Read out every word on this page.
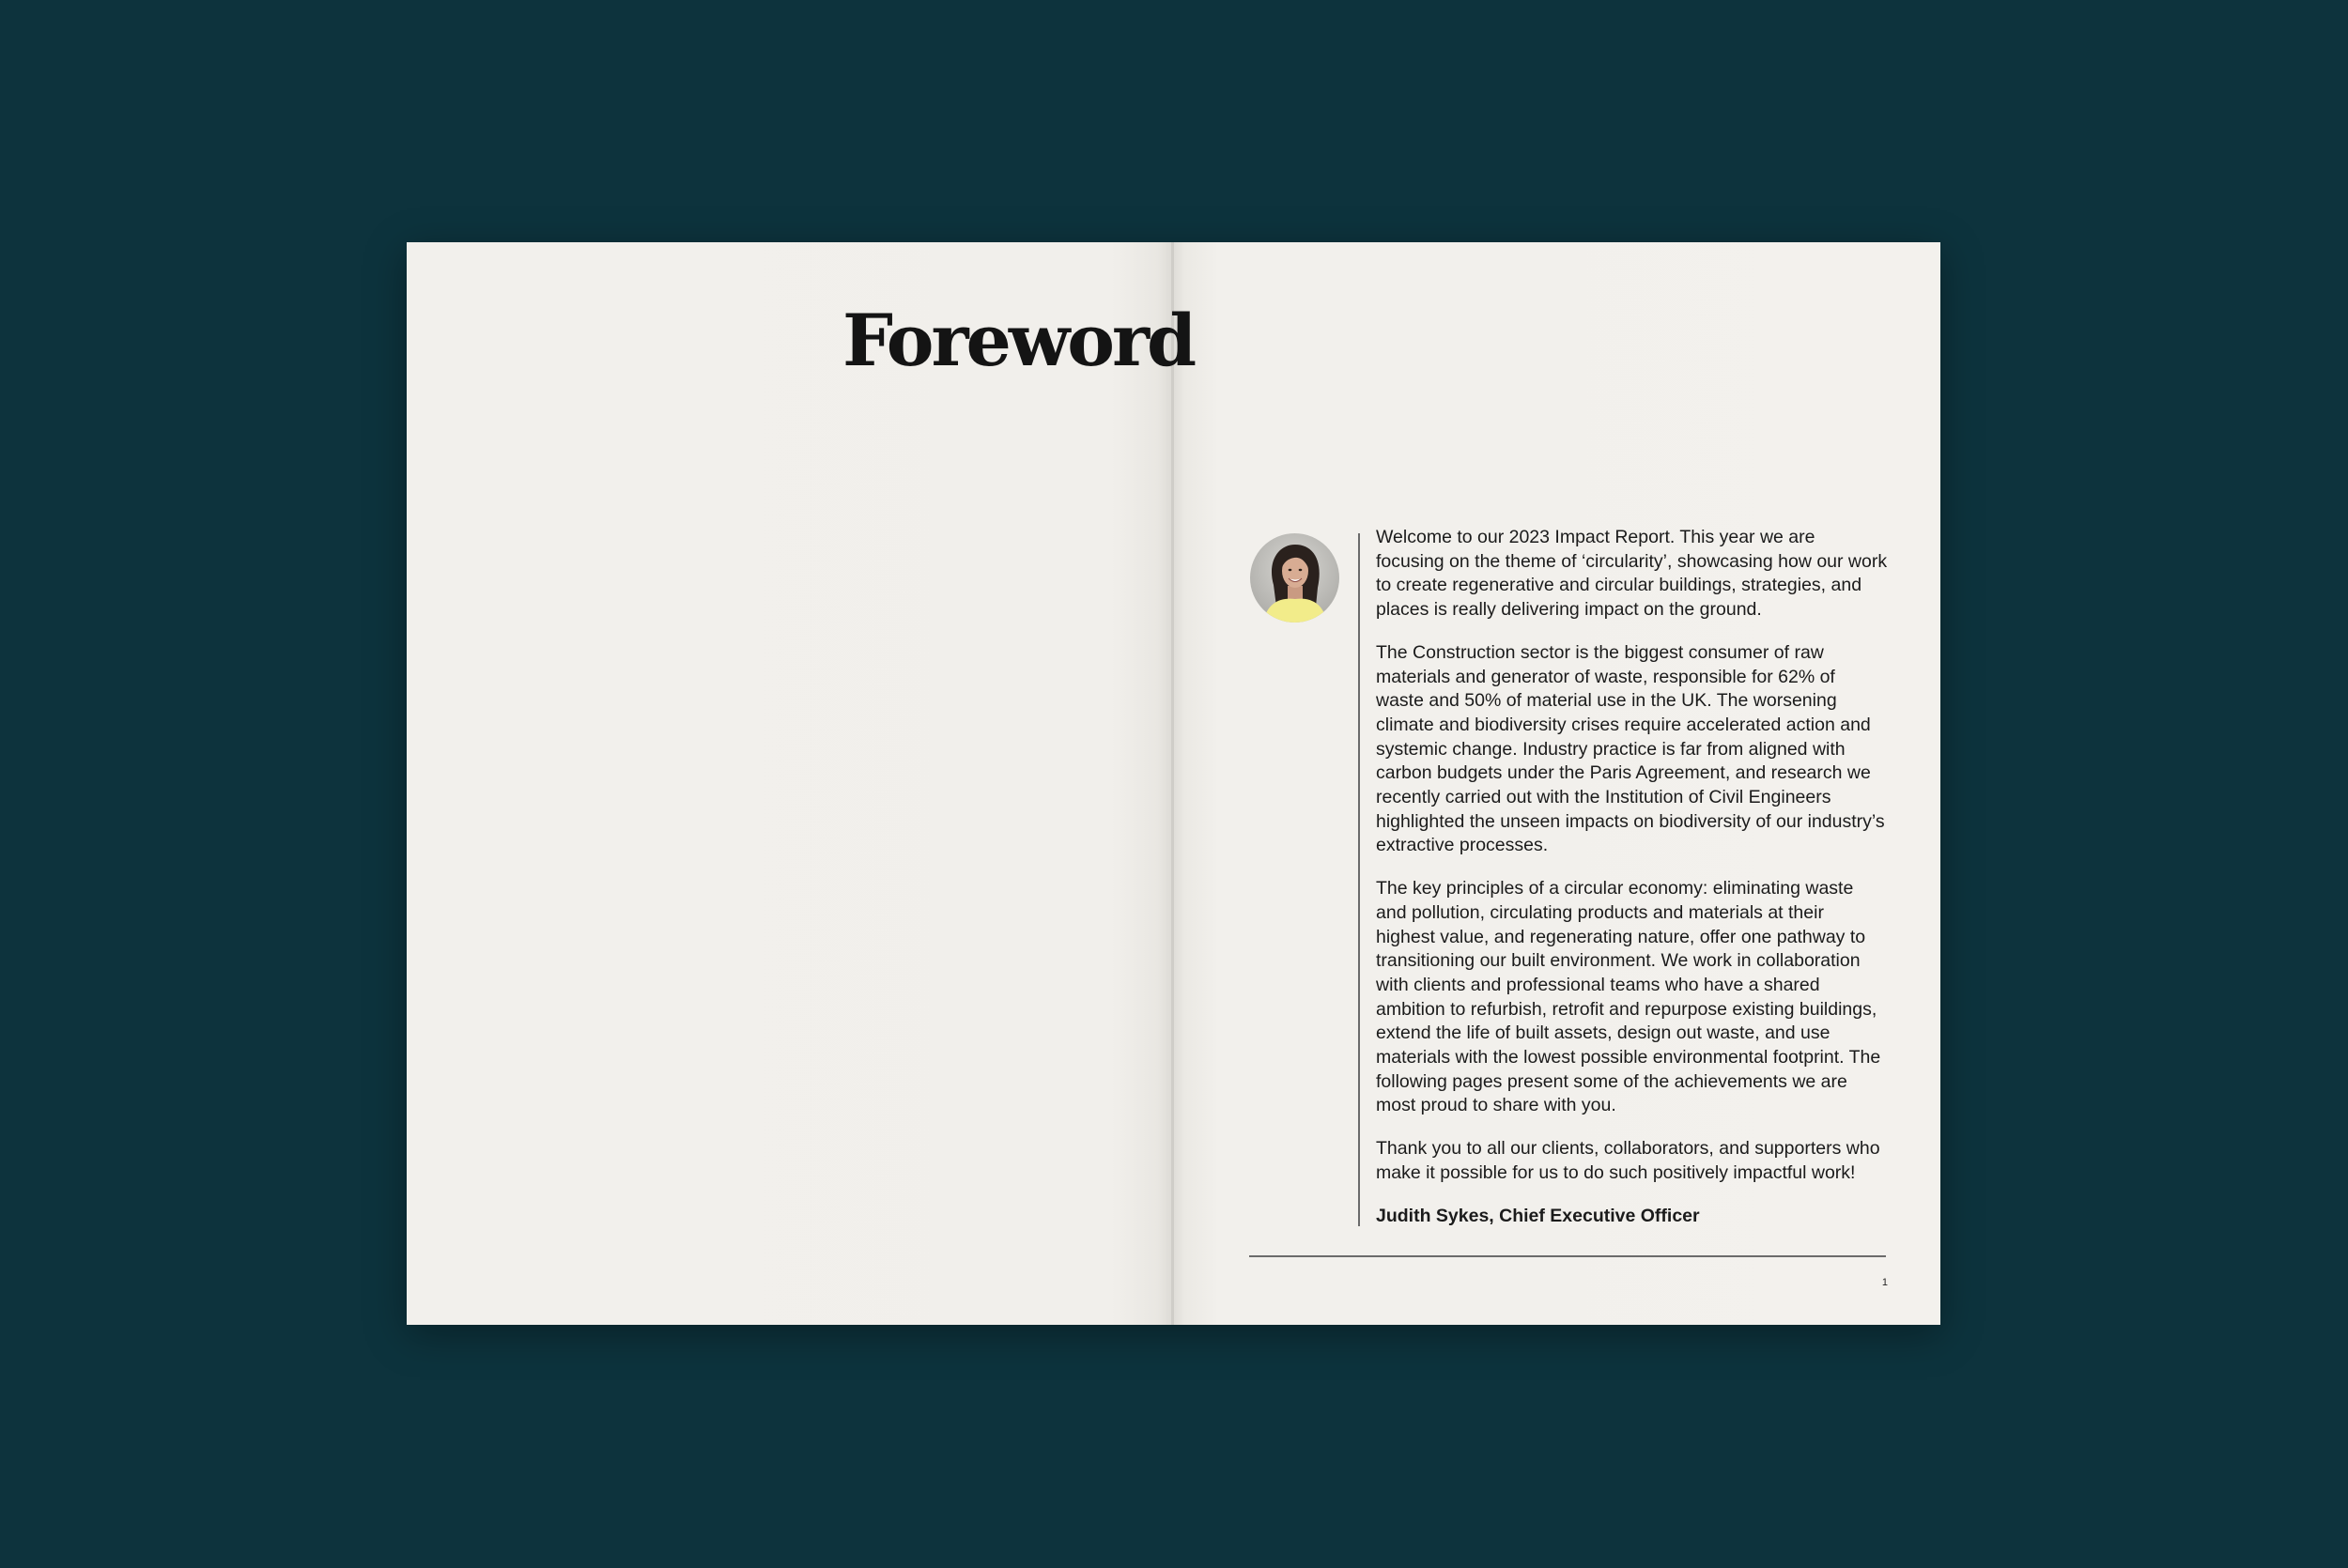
Foreword

Welcome to our 2023 Impact Report. This year we are focusing on the theme of ‘circularity’, showcasing how our work to create regenerative and circular buildings, strategies, and places is really delivering impact on the ground.

The Construction sector is the biggest consumer of raw materials and generator of waste, responsible for 62% of waste and 50% of material use in the UK. The worsening climate and biodiversity crises require accelerated action and systemic change. Industry practice is far from aligned with carbon budgets under the Paris Agreement, and research we recently carried out with the Institution of Civil Engineers highlighted the unseen impacts on biodiversity of our industry’s extractive processes.

The key principles of a circular economy: eliminating waste and pollution, circulating products and materials at their highest value, and regenerating nature, offer one pathway to transitioning our built environment. We work in collaboration with clients and professional teams who have a shared ambition to refurbish, retrofit and repurpose existing buildings, extend the life of built assets, design out waste, and use materials with the lowest possible environmental footprint. The following pages present some of the achievements we are most proud to share with you.

Thank you to all our clients, collaborators, and supporters who make it possible for us to do such positively impactful work!

Judith Sykes, Chief Executive Officer

1
